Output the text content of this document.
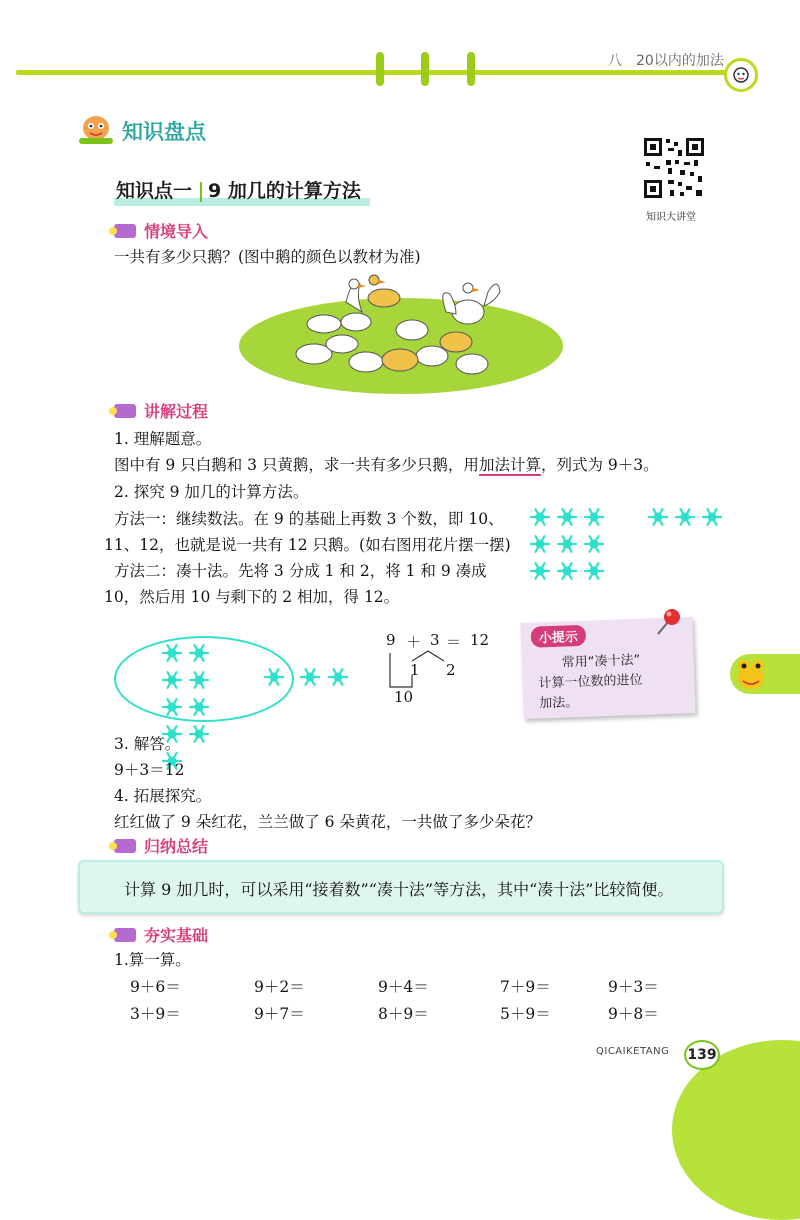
八　20以内的加法
知识盘点
知识点一 9 加几的计算方法
知识大讲堂
情境导入
一共有多少只鹅？(图中鹅的颜色以教材为准)
讲解过程
1. 理解题意。
图中有 9 只白鹅和 3 只黄鹅，求一共有多少只鹅，用加法计算，列式为 9＋3。
2. 探究 9 加几的计算方法。
方法一：继续数法。在 9 的基础上再数 3 个数，即 10、
11、12，也就是说一共有 12 只鹅。(如右图用花片摆一摆)
方法二：凑十法。先将 3 分成 1 和 2，将 1 和 9 凑成
10，然后用 10 与剩下的 2 相加，得 12。
9 ＋ 3 ＝ 12
1 2
10
小提示
常用“凑十法”
计算一位数的进位
加法。
3. 解答。
9＋3＝12
4. 拓展探究。
红红做了 9 朵红花，兰兰做了 6 朵黄花，一共做了多少朵花？
归纳总结
计算 9 加几时，可以采用“接着数”“凑十法”等方法，其中“凑十法”比较简便。
夯实基础
1.算一算。
9＋6＝	9＋2＝	9＋4＝	7＋9＝	9＋3＝
3＋9＝	9＋7＝	8＋9＝	5＋9＝	9＋8＝
QICAIKETANG 139
